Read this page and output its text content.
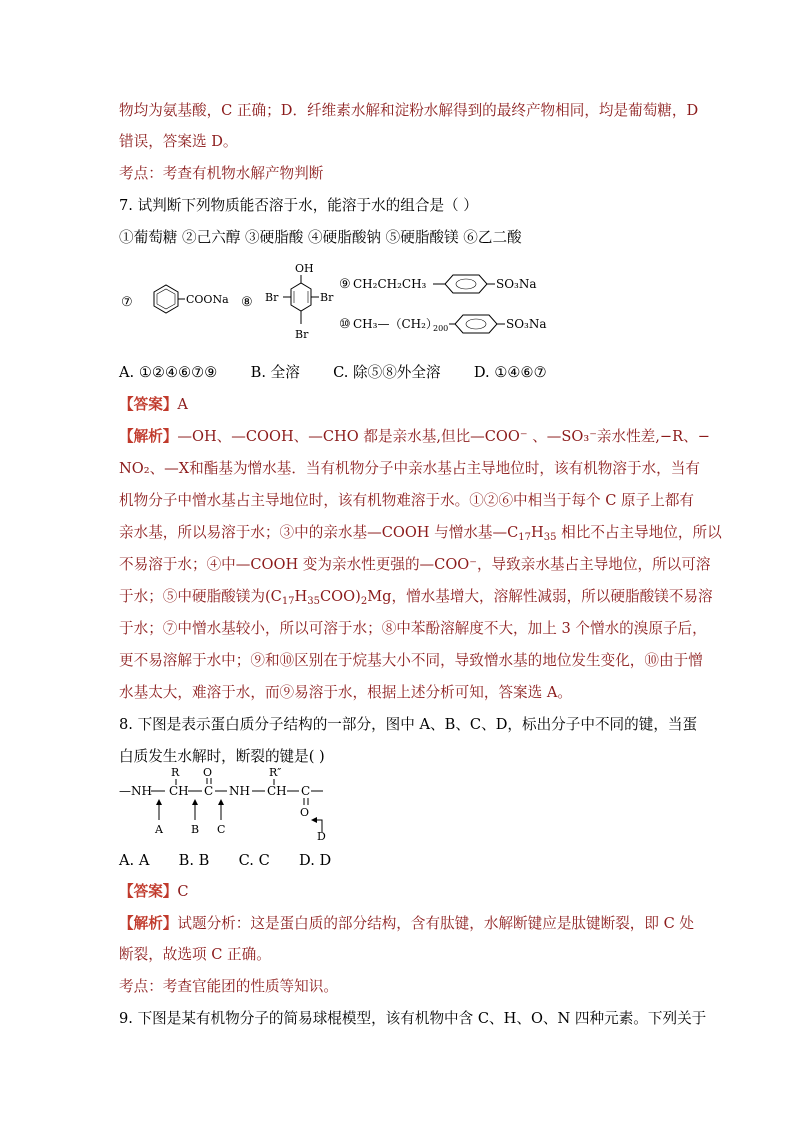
物均为氨基酸，C 正确；D．纤维素水解和淀粉水解得到的最终产物相同，均是葡萄糖，D
错误，答案选 D。
考点：考查有机物水解产物判断
7. 试判断下列物质能否溶于水，能溶于水的组合是（ ）
①葡萄糖 ②己六醇 ③硬脂酸 ④硬脂酸钠 ⑤硬脂酸镁 ⑥乙二酸
⑦	COONa ⑧
OH
Br	Br
Br
⑨ CH₂CH₂CH₃	SO₃Na
⑩ CH₃—（CH₂）
200	SO₃Na
A. ①②④⑥⑦⑨ B. 全溶 C. 除⑤⑧外全溶 D. ①④⑥⑦
【答案】A
【解析】—OH、—COOH、—CHO 都是亲水基,但比—COO⁻ 、—SO₃⁻亲水性差,−R、−
NO₂、—X和酯基为憎水基．当有机物分子中亲水基占主导地位时，该有机物溶于水，当有
机物分子中憎水基占主导地位时，该有机物难溶于水。①②⑥中相当于每个 C 原子上都有
亲水基，所以易溶于水；③中的亲水基—COOH 与憎水基$—C_{17}H_{35}$ 相比不占主导地位，所以
不易溶于水；④中—COOH 变为亲水性更强的—COO⁻，导致亲水基占主导地位，所以可溶
于水；⑤中硬脂酸镁为$(C_{17}H_{35}COO)_2Mg$，憎水基增大，溶解性减弱，所以硬脂酸镁不易溶
于水；⑦中憎水基较小，所以可溶于水；⑧中苯酚溶解度不大，加上 3 个憎水的溴原子后，
更不易溶解于水中；⑨和⑩区别在于烷基大小不同，导致憎水基的地位发生变化，⑩由于憎
水基太大，难溶于水，而⑨易溶于水，根据上述分析可知，答案选 A。
8. 下图是表示蛋白质分子结构的一部分，图中 A、B、C、D，标出分子中不同的键，当蛋
白质发生水解时，断裂的键是( )
—NH CH
R
C
O
NH CH
R″
C
O
A	B C
D
A. A B. B C. C D. D
【答案】C
【解析】试题分析：这是蛋白质的部分结构，含有肽键，水解断键应是肽键断裂，即 C 处
断裂，故选项 C 正确。
考点：考查官能团的性质等知识。
9. 下图是某有机物分子的简易球棍模型，该有机物中含 C、H、O、N 四种元素。下列关于
